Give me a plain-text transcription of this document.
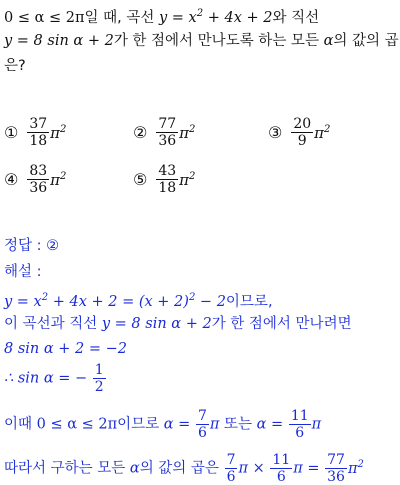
0 ≤ α ≤ 2π일 때, 곡선 $y = x^2 + 4x + 2$와 직선
y = 8 sin α + 2가 한 점에서 만나도록 하는 모든 α의 값의 곱
은?
① $\frac{37}{18} \pi^2$	② $\frac{77}{36} \pi^2$	③ $\frac{20}{9} \pi^2$
④ $\frac{83}{36} \pi^2$	⑤ $\frac{43}{18} \pi^2$
정답 : ②
해설 :
$y = x^2 + 4x + 2 = (x + 2)^2 - 2$이므로,
이 곡선과 직선 y = 8 sin α + 2가 한 점에서 만나려면
8 sin α + 2 = −2
∴ sin α = − $\frac{1}{2}$
이때 0 ≤ α ≤ 2π이므로 $\alpha = \frac{7}{6}$ π 또는 $\alpha = \frac{11}{6}$ π
따라서 구하는 모든 α의 값의 곱은 $\frac{7}{6}$ $\pi \times \frac{11}{6}$ $\pi = \frac{77}{36} \pi^2$
